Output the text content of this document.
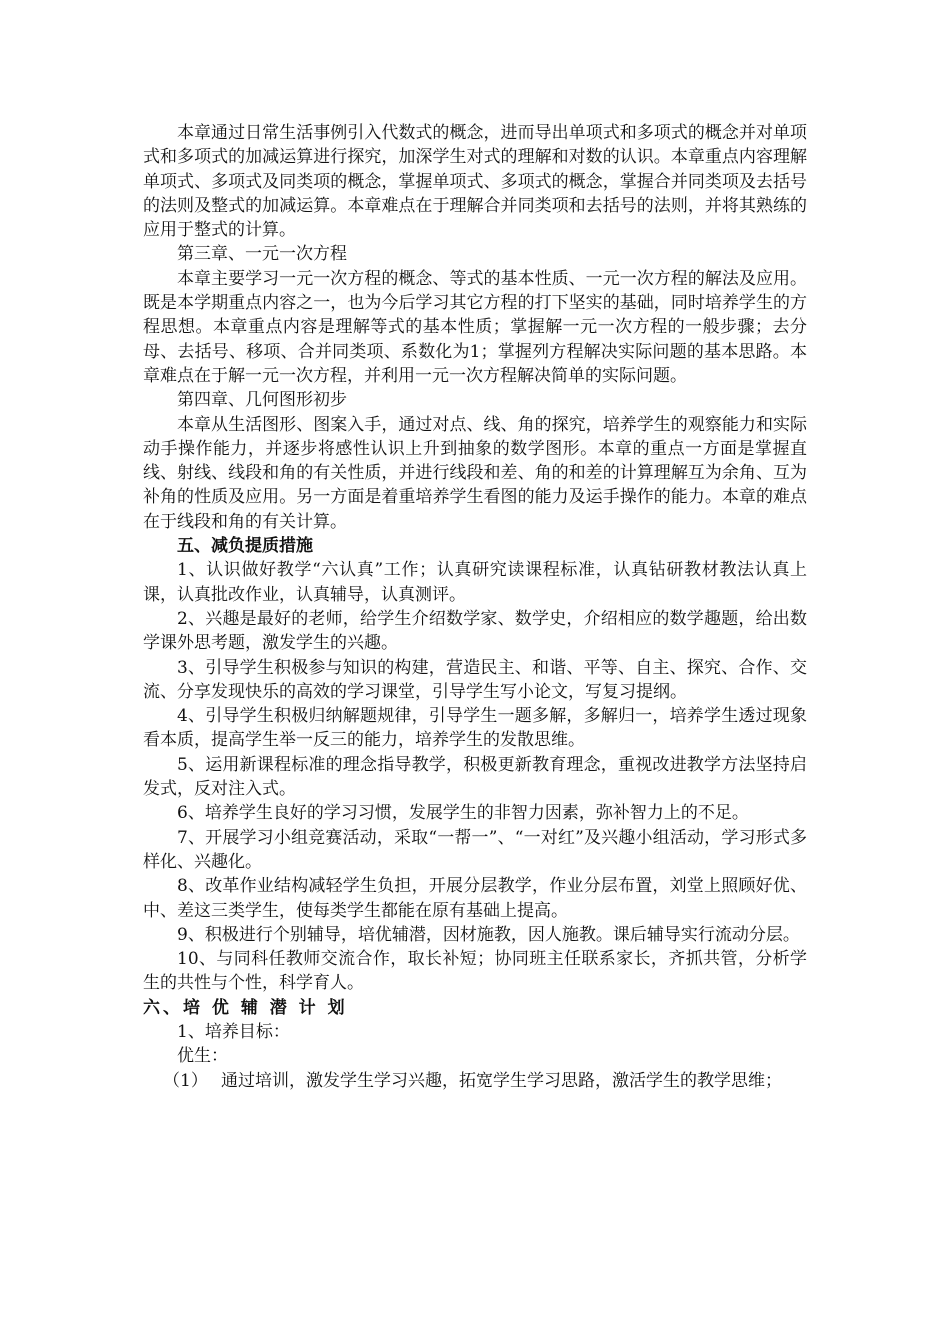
本章通过日常生活事例引入代数式的概念，进而导出单项式和多项式的概念并对单项式和多项式的加减运算进行探究，加深学生对式的理解和对数的认识。本章重点内容理解单项式、多项式及同类项的概念，掌握单项式、多项式的概念，掌握合并同类项及去括号的法则及整式的加减运算。本章难点在于理解合并同类项和去括号的法则，并将其熟练的应用于整式的计算。

第三章、一元一次方程

本章主要学习一元一次方程的概念、等式的基本性质、一元一次方程的解法及应用。既是本学期重点内容之一，也为今后学习其它方程的打下坚实的基础，同时培养学生的方程思想。本章重点内容是理解等式的基本性质；掌握解一元一次方程的一般步骤；去分母、去括号、移项、合并同类项、系数化为1；掌握列方程解决实际问题的基本思路。本章难点在于解一元一次方程，并利用一元一次方程解决简单的实际问题。

第四章、几何图形初步

本章从生活图形、图案入手，通过对点、线、角的探究，培养学生的观察能力和实际动手操作能力，并逐步将感性认识上升到抽象的数学图形。本章的重点一方面是掌握直线、射线、线段和角的有关性质，并进行线段和差、角的和差的计算理解互为余角、互为补角的性质及应用。另一方面是着重培养学生看图的能力及运手操作的能力。本章的难点在于线段和角的有关计算。

五、减负提质措施

1、认识做好教学“六认真”工作；认真研究读课程标准，认真钻研教材教法认真上课，认真批改作业，认真辅导，认真测评。

2、兴趣是最好的老师，给学生介绍数学家、数学史，介绍相应的数学趣题，给出数学课外思考题，激发学生的兴趣。

3、引导学生积极参与知识的构建，营造民主、和谐、平等、自主、探究、合作、交流、分享发现快乐的高效的学习课堂，引导学生写小论文，写复习提纲。

4、引导学生积极归纳解题规律，引导学生一题多解，多解归一，培养学生透过现象看本质，提高学生举一反三的能力，培养学生的发散思维。

5、运用新课程标准的理念指导教学，积极更新教育理念，重视改进教学方法坚持启发式，反对注入式。

6、培养学生良好的学习习惯，发展学生的非智力因素，弥补智力上的不足。

7、开展学习小组竞赛活动，采取“一帮一”、“一对红”及兴趣小组活动，学习形式多样化、兴趣化。

8、改革作业结构减轻学生负担，开展分层教学，作业分层布置，刘堂上照顾好优、中、差这三类学生，使每类学生都能在原有基础上提高。

9、积极进行个别辅导，培优辅潜，因材施教，因人施教。课后辅导实行流动分层。

10、与同科任教师交流合作，取长补短；协同班主任联系家长，齐抓共管，分析学生的共性与个性，科学育人。

六、培 优 辅 潜 计 划

1、培养目标：

优生：

（1） 通过培训，激发学生学习兴趣，拓宽学生学习思路，激活学生的教学思维；
